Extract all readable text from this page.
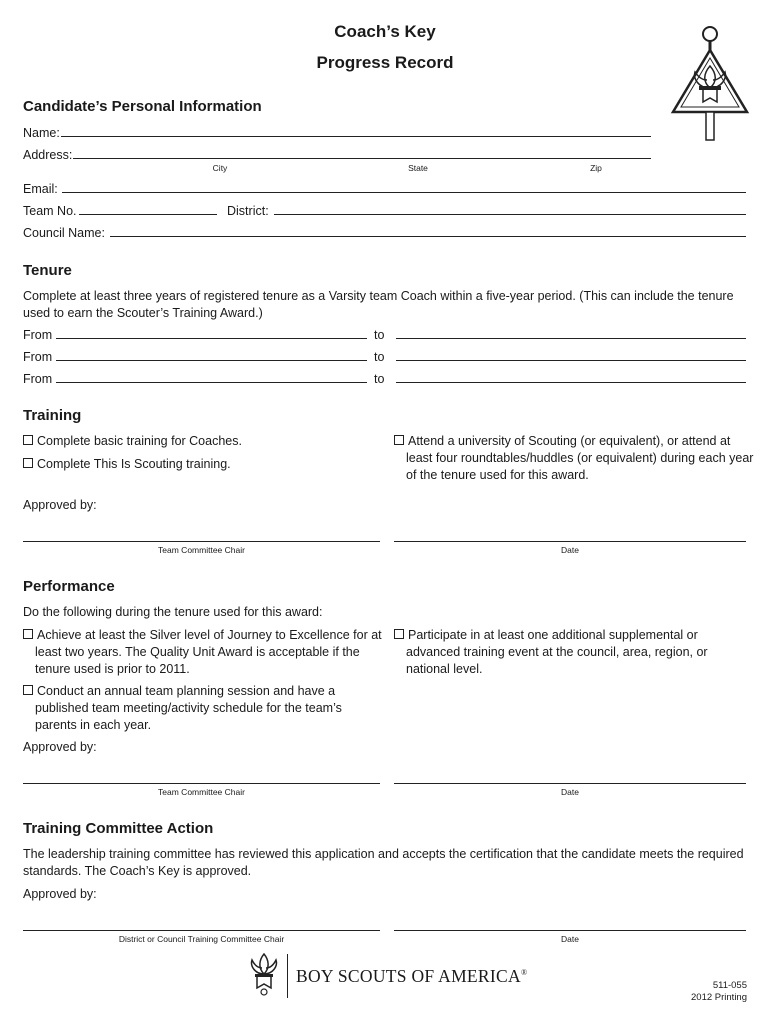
Coach’s Key
Progress Record
Candidate’s Personal Information
Name:
Address:
City	State	Zip
Email:
Team No.	District:
Council Name:
Tenure
Complete at least three years of registered tenure as a Varsity team Coach within a five-year period. (This can include the tenure used to earn the Scouter’s Training Award.)
From	to
From	to
From	to
Training
Complete basic training for Coaches.
Complete This Is Scouting training.
Attend a university of Scouting (or equivalent), or attend at least four roundtables/huddles (or equivalent) during each year of the tenure used for this award.
Approved by:
Team Committee Chair	Date
Performance
Do the following during the tenure used for this award:
Achieve at least the Silver level of Journey to Excellence for at least two years. The Quality Unit Award is acceptable if the tenure used is prior to 2011.
Conduct an annual team planning session and have a published team meeting/activity schedule for the team’s parents in each year.
Participate in at least one additional supplemental or advanced training event at the council, area, region, or national level.
Approved by:
Team Committee Chair	Date
Training Committee Action
The leadership training committee has reviewed this application and accepts the certification that the candidate meets the required standards. The Coach’s Key is approved.
Approved by:
District or Council Training Committee Chair	Date
BOY SCOUTS OF AMERICA®
511-055
2012 Printing
